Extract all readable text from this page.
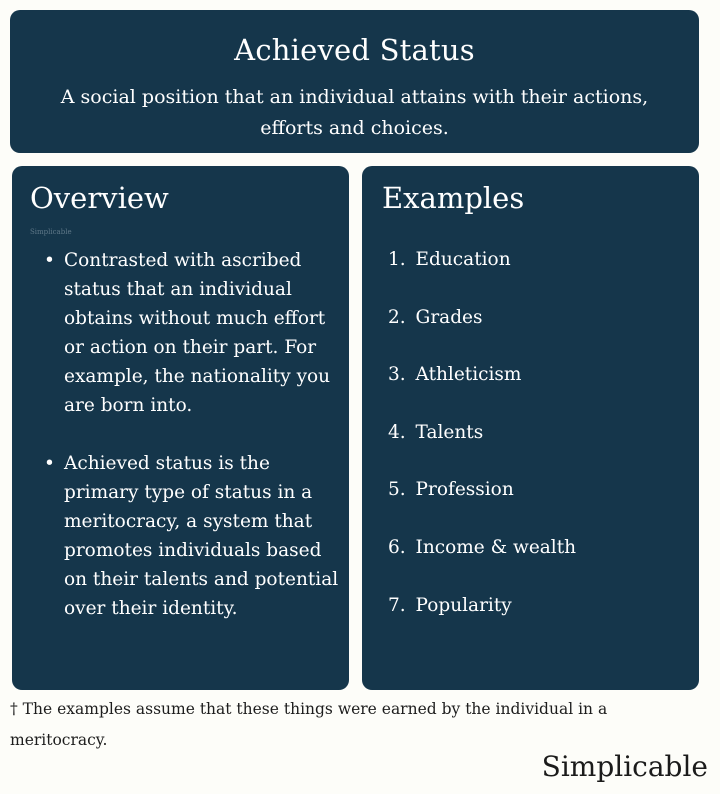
Achieved Status
A social position that an individual attains with their actions, efforts and choices.
Overview
Simplicable
• Contrasted with ascribed status that an individual obtains without much effort or action on their part. For example, the nationality you are born into.
• Achieved status is the primary type of status in a meritocracy, a system that promotes individuals based on their talents and potential over their identity.
Examples
1. Education
2. Grades
3. Athleticism
4. Talents
5. Profession
6. Income & wealth
7. Popularity
† The examples assume that these things were earned by the individual in a meritocracy.
Simplicable
